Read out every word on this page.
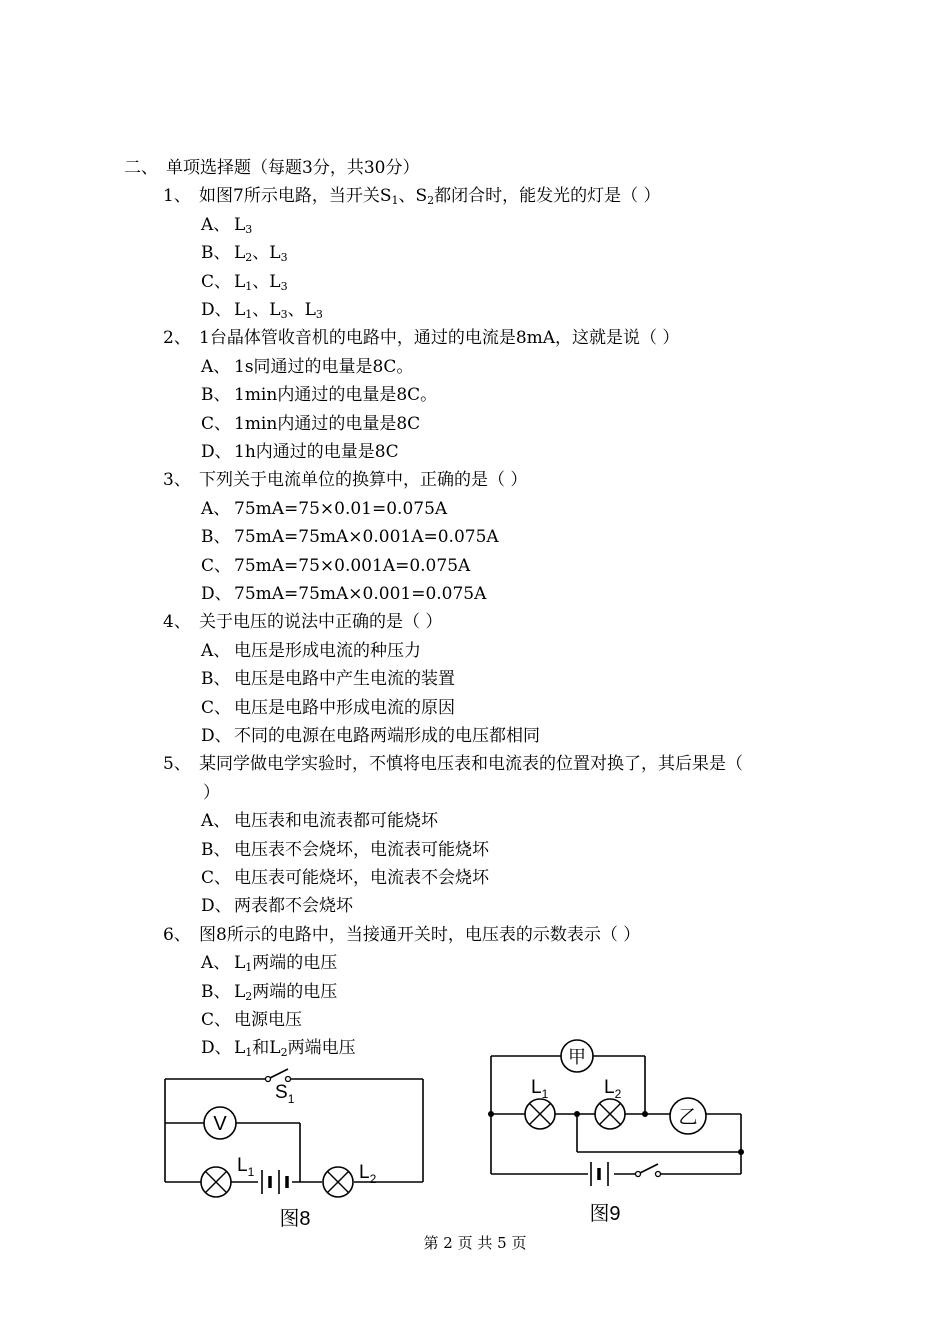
二、 单项选择题（每题3分，共30分）
1、 如图7所示电路，当开关$S_1$、$S_2$都闭合时，能发光的灯是（ ）
A、 $L_3$
B、 $L_2$、$L_3$
C、 $L_1$、$L_3$
D、 $L_1$、$L_3$、$L_3$
2、 1台晶体管收音机的电路中，通过的电流是8mA，这就是说（ ）
A、 1s同通过的电量是8C。
B、 1min内通过的电量是8C。
C、 1min内通过的电量是8C
D、 1h内通过的电量是8C
3、 下列关于电流单位的换算中，正确的是（ ）
A、 75mA=75×0.01=0.075A
B、 75mA=75mA×0.001A=0.075A
C、 75mA=75×0.001A=0.075A
D、 75mA=75mA×0.001=0.075A
4、 关于电压的说法中正确的是（ ）
A、 电压是形成电流的种压力
B、 电压是电路中产生电流的装置
C、 电压是电路中形成电流的原因
D、 不同的电源在电路两端形成的电压都相同
5、 某同学做电学实验时，不慎将电压表和电流表的位置对换了，其后果是（
）
A、 电压表和电流表都可能烧坏
B、 电压表不会烧坏，电流表可能烧坏
C、 电压表可能烧坏，电流表不会烧坏
D、 两表都不会烧坏
6、 图8所示的电路中，当接通开关时，电压表的示数表示（ ）
A、 $L_1$两端的电压
B、 $L_2$两端的电压
C、 电源电压
D、 $L_1$和$L_2$两端电压
V
$S_1$
$L_1$	$L_2$
图8
甲
乙
$L_1$	$L_2$
图9
第 2 页 共 5 页
